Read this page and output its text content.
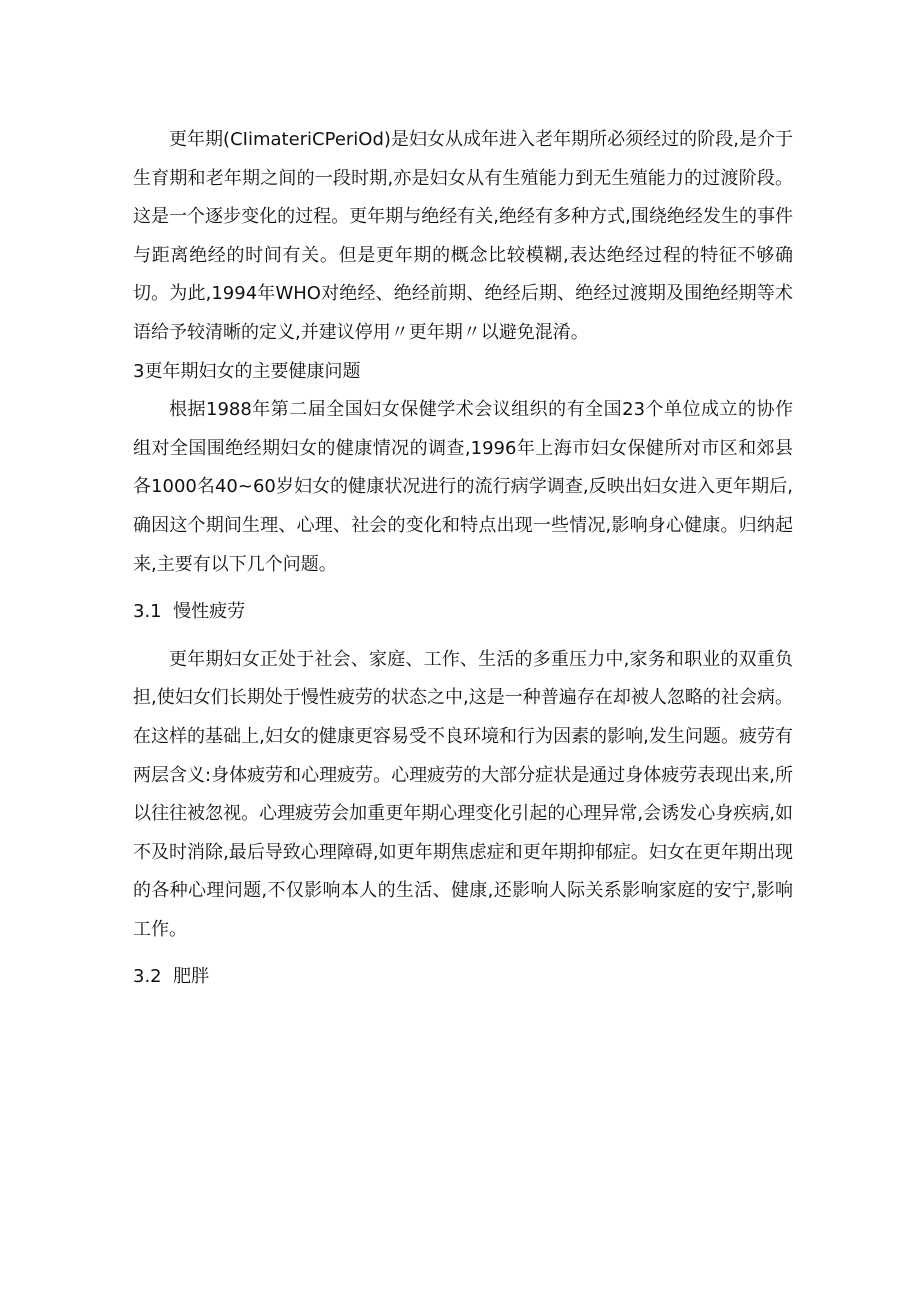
更年期(CIimateriCPeriOd)是妇女从成年进入老年期所必须经过的阶段,是介于生育期和老年期之间的一段时期,亦是妇女从有生殖能力到无生殖能力的过渡阶段。这是一个逐步变化的过程。更年期与绝经有关,绝经有多种方式,围绕绝经发生的事件与距离绝经的时间有关。但是更年期的概念比较模糊,表达绝经过程的特征不够确切。为此,1994年WHO对绝经、绝经前期、绝经后期、绝经过渡期及围绝经期等术语给予较清晰的定义,并建议停用〃更年期〃以避免混淆。

3更年期妇女的主要健康问题

根据1988年第二届全国妇女保健学术会议组织的有全国23个单位成立的协作组对全国围绝经期妇女的健康情况的调查,1996年上海市妇女保健所对市区和郊县各1000名40~60岁妇女的健康状况进行的流行病学调查,反映出妇女进入更年期后,确因这个期间生理、心理、社会的变化和特点出现一些情况,影响身心健康。归纳起来,主要有以下几个问题。

3.1  慢性疲劳

更年期妇女正处于社会、家庭、工作、生活的多重压力中,家务和职业的双重负担,使妇女们长期处于慢性疲劳的状态之中,这是一种普遍存在却被人忽略的社会病。在这样的基础上,妇女的健康更容易受不良环境和行为因素的影响,发生问题。疲劳有两层含义:身体疲劳和心理疲劳。心理疲劳的大部分症状是通过身体疲劳表现出来,所以往往被忽视。心理疲劳会加重更年期心理变化引起的心理异常,会诱发心身疾病,如不及时消除,最后导致心理障碍,如更年期焦虑症和更年期抑郁症。妇女在更年期出现的各种心理问题,不仅影响本人的生活、健康,还影响人际关系影响家庭的安宁,影响工作。

3.2  肥胖
